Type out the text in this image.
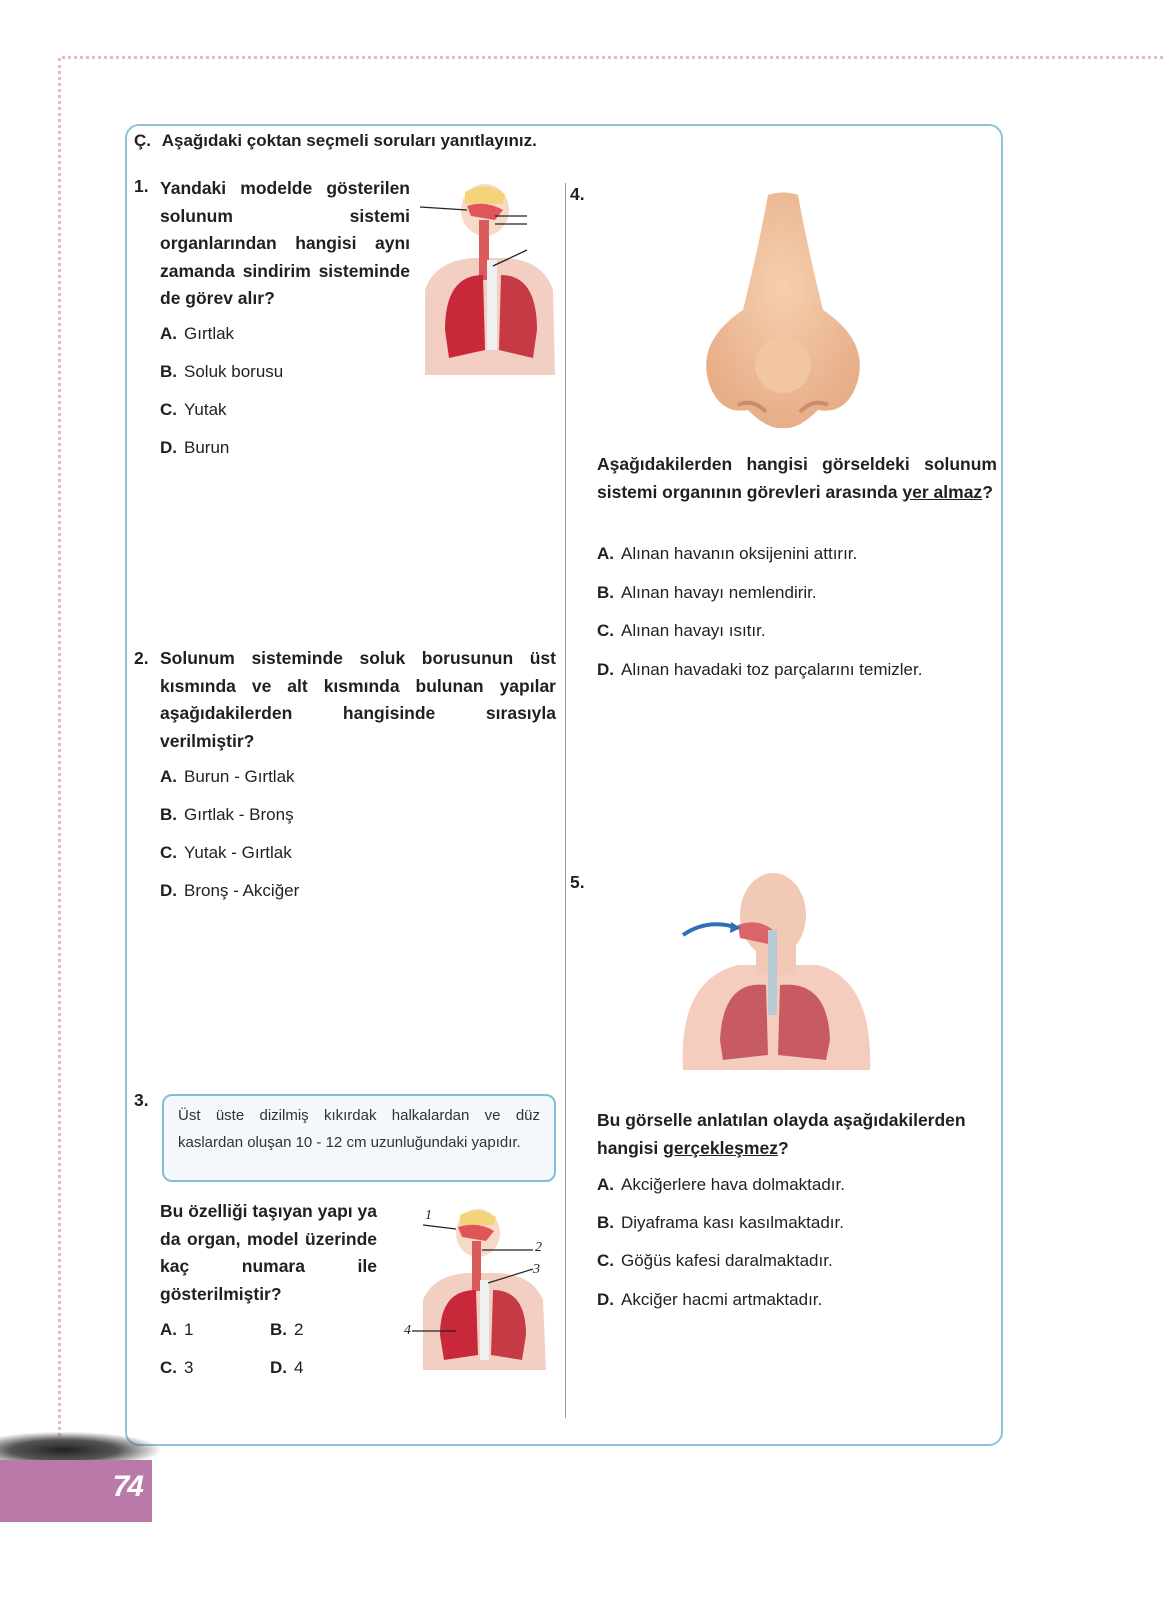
Ç. Aşağıdaki çoktan seçmeli soruları yanıtlayınız.
1. Yandaki modelde gösterilen solunum sistemi organlarından hangisi aynı zamanda sindirim sisteminde de görev alır?
A. Gırtlak
B. Soluk borusu
C. Yutak
D. Burun
2. Solunum sisteminde soluk borusunun üst kısmında ve alt kısmında bulunan yapılar aşağıdakilerden hangisinde sırasıyla verilmiştir?
A. Burun - Gırtlak
B. Gırtlak - Bronş
C. Yutak - Gırtlak
D. Bronş - Akciğer
3.
Üst üste dizilmiş kıkırdak halkalardan ve düz kaslardan oluşan 10 - 12 cm uzunluğundaki yapıdır.
Bu özelliği taşıyan yapı ya da organ, model üzerinde kaç numara ile gösterilmiştir?
1
2
3
4
A. 1	B. 2
C. 3	D. 4
4.
Aşağıdakilerden hangisi görseldeki solunum sistemi organının görevleri arasında yer almaz?
A. Alınan havanın oksijenini attırır.
B. Alınan havayı nemlendirir.
C. Alınan havayı ısıtır.
D. Alınan havadaki toz parçalarını temizler.
5.
Bu görselle anlatılan olayda aşağıdakilerden hangisi gerçekleşmez?
A. Akciğerlere hava dolmaktadır.
B. Diyaframa kası kasılmaktadır.
C. Göğüs kafesi daralmaktadır.
D. Akciğer hacmi artmaktadır.
74
